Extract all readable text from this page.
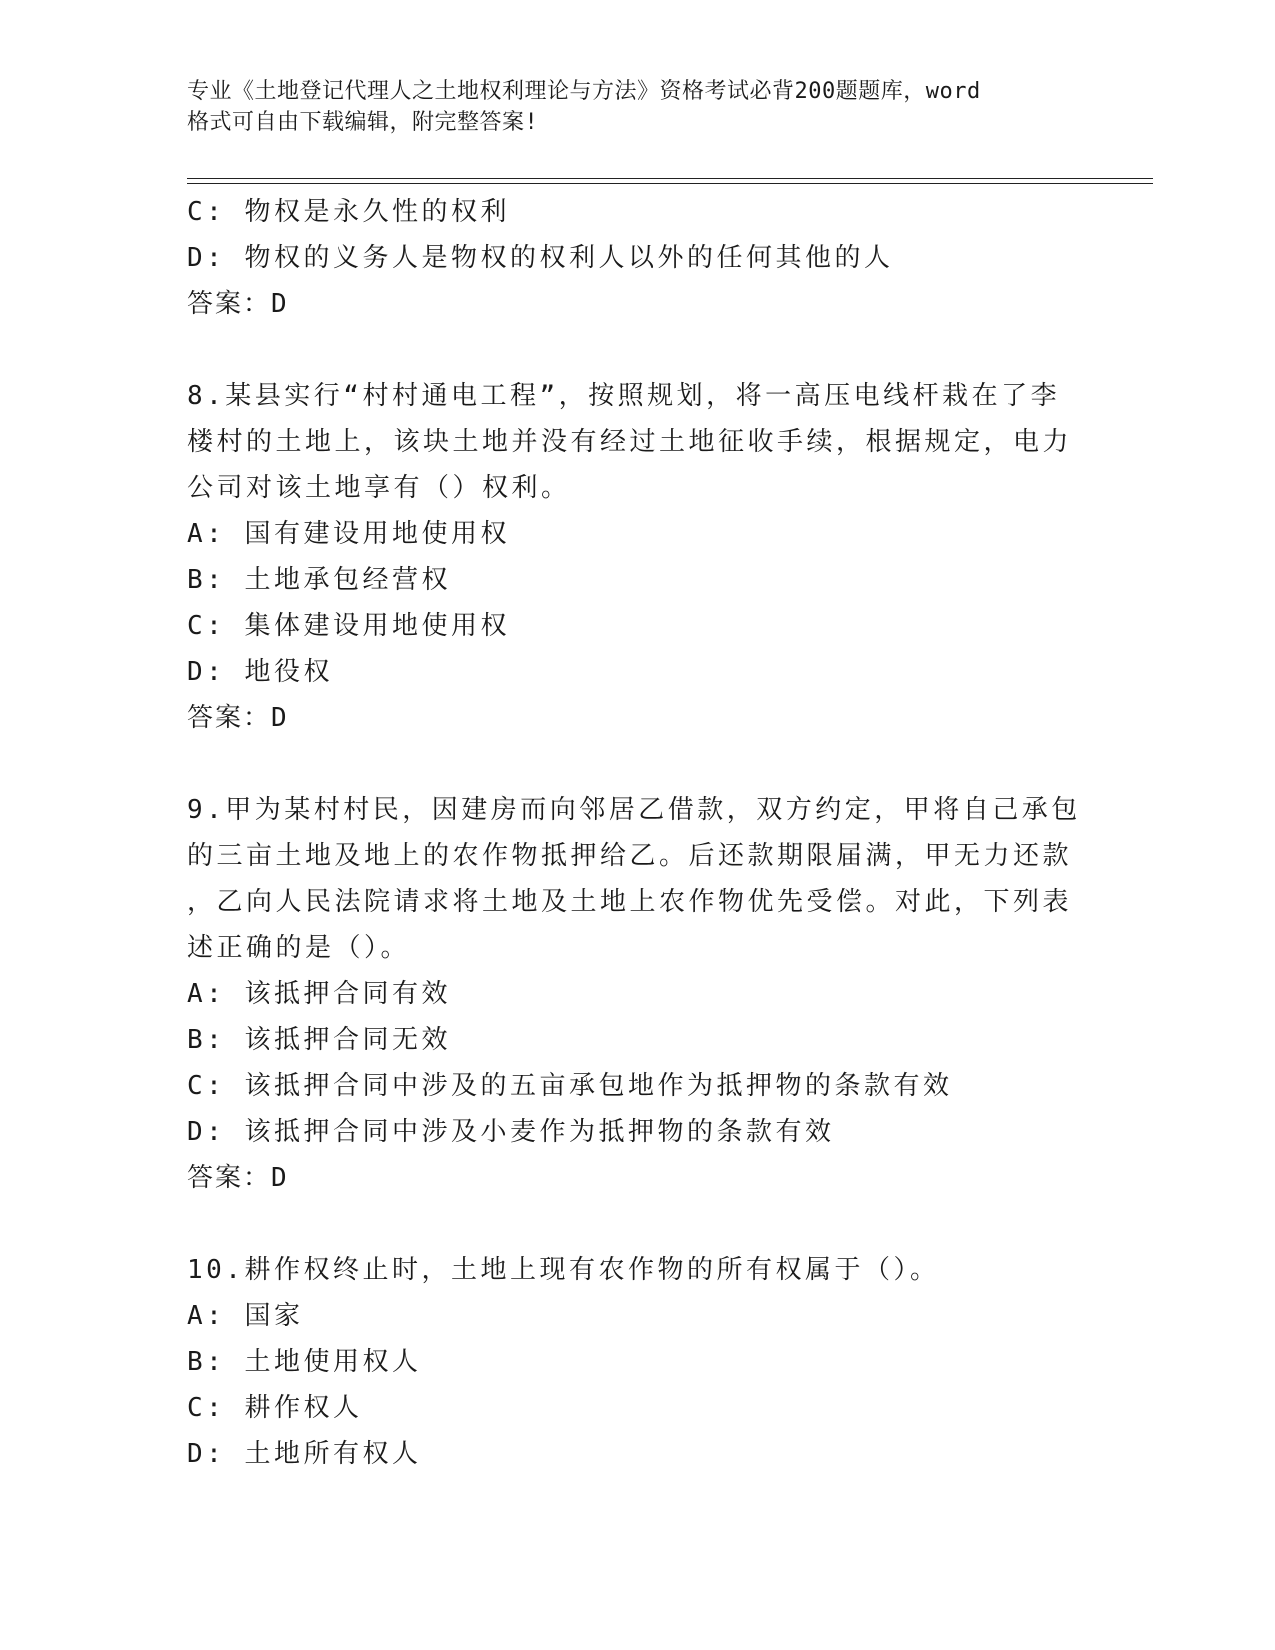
专业《土地登记代理人之土地权利理论与方法》资格考试必背200题题库，word
格式可自由下载编辑，附完整答案!
C: 物权是永久性的权利
D: 物权的义务人是物权的权利人以外的任何其他的人
答案：D
8.某县实行“村村通电工程”，按照规划，将一高压电线杆栽在了李
楼村的土地上，该块土地并没有经过土地征收手续，根据规定，电力
公司对该土地享有（）权利。
A: 国有建设用地使用权
B: 土地承包经营权
C: 集体建设用地使用权
D: 地役权
答案：D
9.甲为某村村民，因建房而向邻居乙借款，双方约定，甲将自己承包
的三亩土地及地上的农作物抵押给乙。后还款期限届满，甲无力还款
，乙向人民法院请求将土地及土地上农作物优先受偿。对此，下列表
述正确的是（）。
A: 该抵押合同有效
B: 该抵押合同无效
C: 该抵押合同中涉及的五亩承包地作为抵押物的条款有效
D: 该抵押合同中涉及小麦作为抵押物的条款有效
答案：D
10.耕作权终止时，土地上现有农作物的所有权属于（）。
A: 国家
B: 土地使用权人
C: 耕作权人
D: 土地所有权人
